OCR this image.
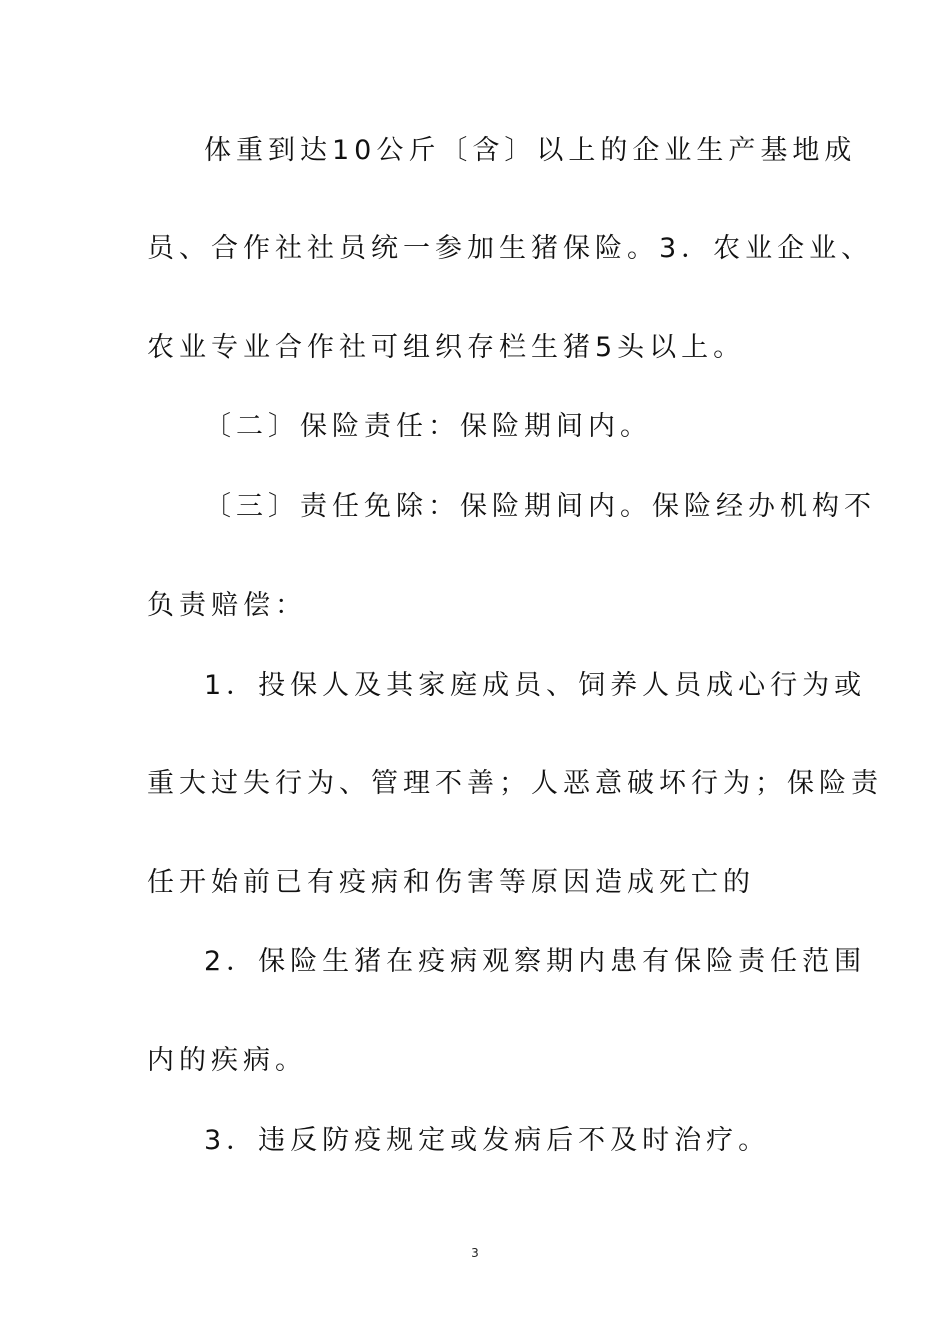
体重到达10公斤〔含〕以上的企业生产基地成
员、合作社社员统一参加生猪保险。3．农业企业、
农业专业合作社可组织存栏生猪5头以上。
〔二〕保险责任：保险期间内。
〔三〕责任免除：保险期间内。保险经办机构不
负责赔偿：
1．投保人及其家庭成员、饲养人员成心行为或
重大过失行为、管理不善；人恶意破坏行为；保险责
任开始前已有疫病和伤害等原因造成死亡的
2．保险生猪在疫病观察期内患有保险责任范围
内的疾病。
3．违反防疫规定或发病后不及时治疗。
3
